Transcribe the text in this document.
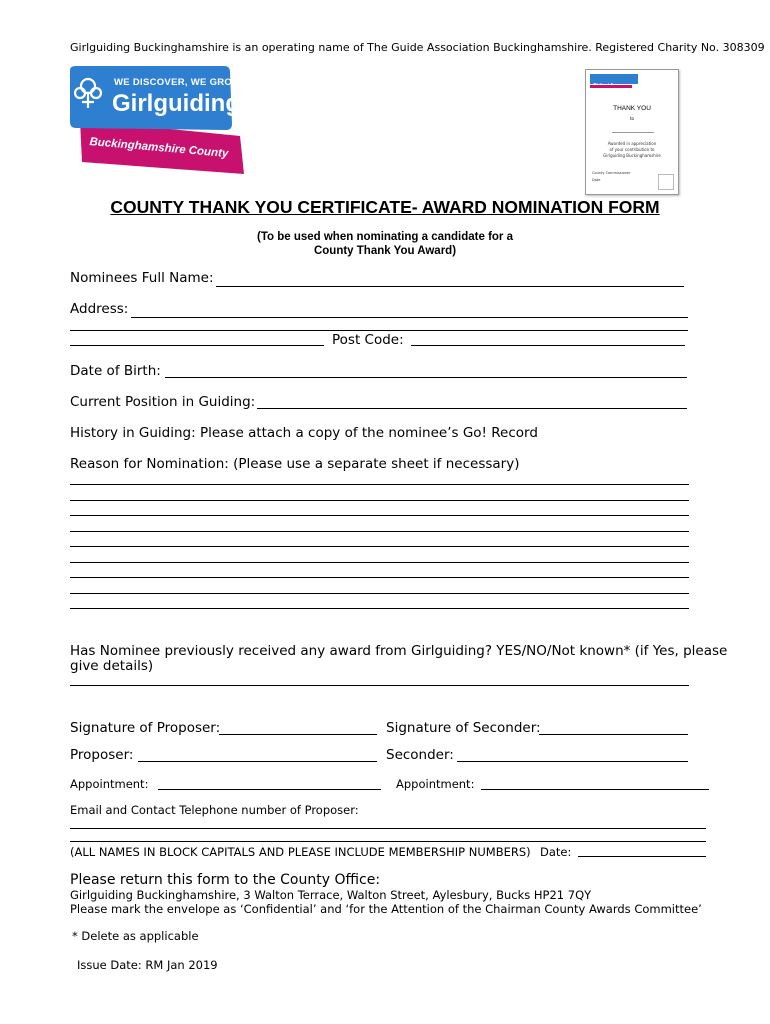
Girlguiding Buckinghamshire is an operating name of The Guide Association Buckinghamshire. Registered Charity No. 308309
WE DISCOVER, WE GROW
Girlguiding
Buckinghamshire County
THANK YOU
to
Awarded in appreciation
of your contribution to
Girlguiding Buckinghamshire
County Commissioner
Date
COUNTY THANK YOU CERTIFICATE- AWARD NOMINATION FORM
(To be used when nominating a candidate for a
County Thank You Award)
Nominees Full Name:
Address:
Post Code:
Date of Birth:
Current Position in Guiding:
History in Guiding: Please attach a copy of the nominee’s Go! Record
Reason for Nomination: (Please use a separate sheet if necessary)
Has Nominee previously received any award from Girlguiding? YES/NO/Not known* (if Yes, please
give details)
Signature of Proposer:	Signature of Seconder:
Proposer:	Seconder:
Appointment:	Appointment:
Email and Contact Telephone number of Proposer:
(ALL NAMES IN BLOCK CAPITALS AND PLEASE INCLUDE MEMBERSHIP NUMBERS) Date:
Please return this form to the County Office:
Girlguiding Buckinghamshire, 3 Walton Terrace, Walton Street, Aylesbury, Bucks HP21 7QY
Please mark the envelope as ‘Confidential’ and ‘for the Attention of the Chairman County Awards Committee’
* Delete as applicable
Issue Date: RM Jan 2019
